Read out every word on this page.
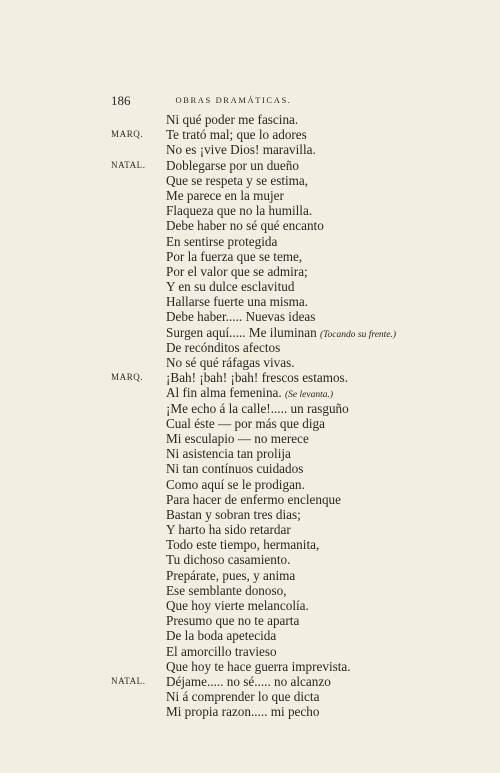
186	OBRAS DRAMÁTICAS.
Ni qué poder me fascina.
MARQ. Te trató mal; que lo adores
No es ¡vive Dios! maravilla.
NATAL. Doblegarse por un dueño
Que se respeta y se estima,
Me parece en la mujer
Flaqueza que no la humilla.
Debe haber no sé qué encanto
En sentirse protegida
Por la fuerza que se teme,
Por el valor que se admira;
Y en su dulce esclavitud
Hallarse fuerte una misma.
Debe haber..... Nuevas ideas
Surgen aquí..... Me iluminan (Tocando su frente.)
De recónditos afectos
No sé qué ráfagas vivas.
MARQ. ¡Bah! ¡bah! ¡bah! frescos estamos.
Al fin alma femenina. (Se levanta.)
¡Me echo á la calle!..... un rasguño
Cual éste — por más que diga
Mi esculapio — no merece
Ni asistencia tan prolija
Ni tan contínuos cuidados
Como aquí se le prodigan.
Para hacer de enfermo enclenque
Bastan y sobran tres dias;
Y harto ha sido retardar
Todo este tiempo, hermanita,
Tu dichoso casamiento.
Prepárate, pues, y anima
Ese semblante donoso,
Que hoy vierte melancolía.
Presumo que no te aparta
De la boda apetecida
El amorcillo travieso
Que hoy te hace guerra imprevista.
NATAL. Déjame..... no sé..... no alcanzo
Ni á comprender lo que dicta
Mi propia razon..... mi pecho
